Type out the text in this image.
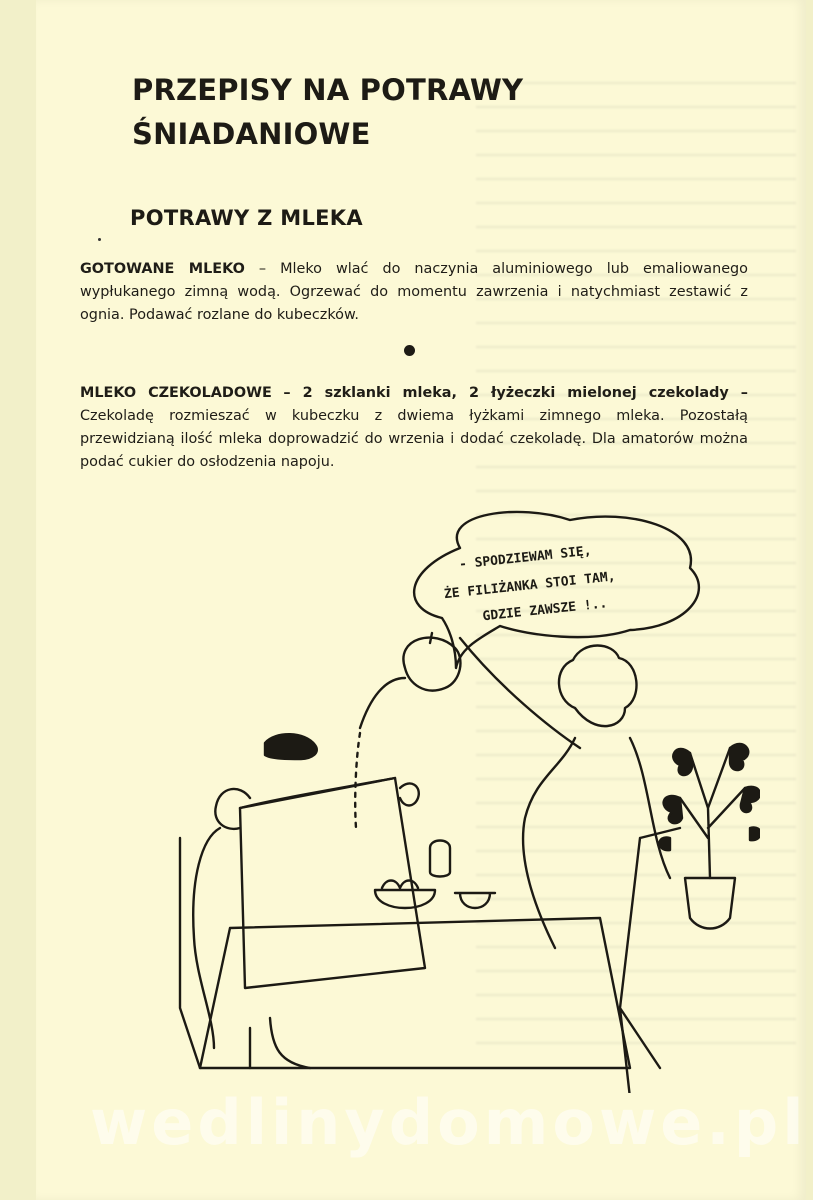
PRZEPISY NA POTRAWY
ŚNIADANIOWE
POTRAWY Z MLEKA

GOTOWANE MLEKO – Mleko wlać do naczynia aluminiowego lub emaliowanego wypłukanego zimną wodą. Ogrzewać do momentu zawrzenia i natychmiast zestawić z ognia. Podawać rozlane do kubeczków.

MLEKO CZEKOLADOWE – 2 szklanki mleka, 2 łyżeczki mielonej czekolady – Czekoladę rozmieszać w kubeczku z dwiema łyżkami zimnego mleka. Pozostałą przewidzianą ilość mleka doprowadzić do wrzenia i dodać czekoladę. Dla amatorów można podać cukier do osłodzenia napoju.

- SPODZIEWAM SIĘ,
ŻE FILIŻANKA STOI TAM,
GDZIE ZAWSZE !..
wedlinydomowe.pl
